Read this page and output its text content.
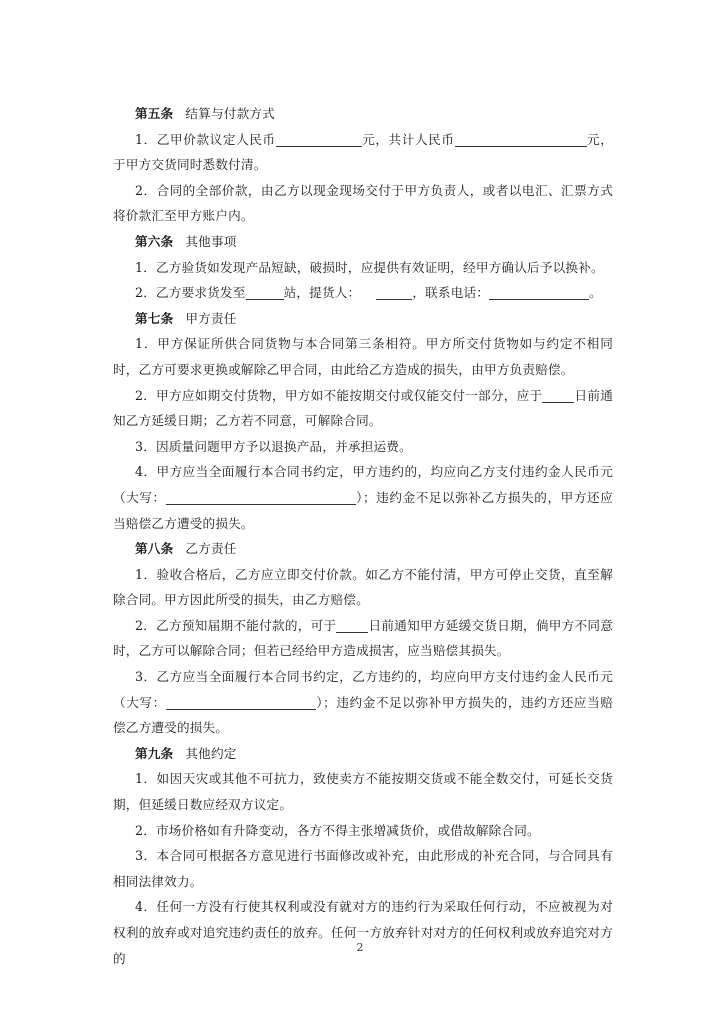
第五条 结算与付款方式

1．乙甲价款议定人民币	元，共计人民币	元，于甲方交货同时悉数付清。

2．合同的全部价款，由乙方以现金现场交付于甲方负责人，或者以电汇、汇票方式将价款汇至甲方账户内。

第六条 其他事项

1．乙方验货如发现产品短缺，破损时，应提供有效证明，经甲方确认后予以换补。

2．乙方要求货发至	站，提货人：	，联系电话：	。

第七条 甲方责任

1．甲方保证所供合同货物与本合同第三条相符。甲方所交付货物如与约定不相同时，乙方可要求更换或解除乙甲合同，由此给乙方造成的损失，由甲方负责赔偿。

2．甲方应如期交付货物，甲方如不能按期交付或仅能交付一部分，应于	日前通知乙方延缓日期；乙方若不同意，可解除合同。

3．因质量问题甲方予以退换产品，并承担运费。

4．甲方应当全面履行本合同书约定，甲方违约的，均应向乙方支付违约金人民币元（大写：	）；违约金不足以弥补乙方损失的，甲方还应当赔偿乙方遭受的损失。

第八条 乙方责任

1．验收合格后，乙方应立即交付价款。如乙方不能付清，甲方可停止交货，直至解除合同。甲方因此所受的损失，由乙方赔偿。

2．乙方预知届期不能付款的，可于	日前通知甲方延缓交货日期，倘甲方不同意时，乙方可以解除合同；但若已经给甲方造成损害，应当赔偿其损失。

3．乙方应当全面履行本合同书约定，乙方违约的，均应向甲方支付违约金人民币元（大写：	）；违约金不足以弥补甲方损失的，违约方还应当赔偿乙方遭受的损失。

第九条 其他约定

1．如因天灾或其他不可抗力，致使卖方不能按期交货或不能全数交付，可延长交货期，但延缓日数应经双方议定。

2．市场价格如有升降变动，各方不得主张增减货价，或借故解除合同。

3．本合同可根据各方意见进行书面修改或补充，由此形成的补充合同，与合同具有相同法律效力。

4．任何一方没有行使其权利或没有就对方的违约行为采取任何行动，不应被视为对权利的放弃或对追究违约责任的放弃。任何一方放弃针对对方的任何权利或放弃追究对方的

2
